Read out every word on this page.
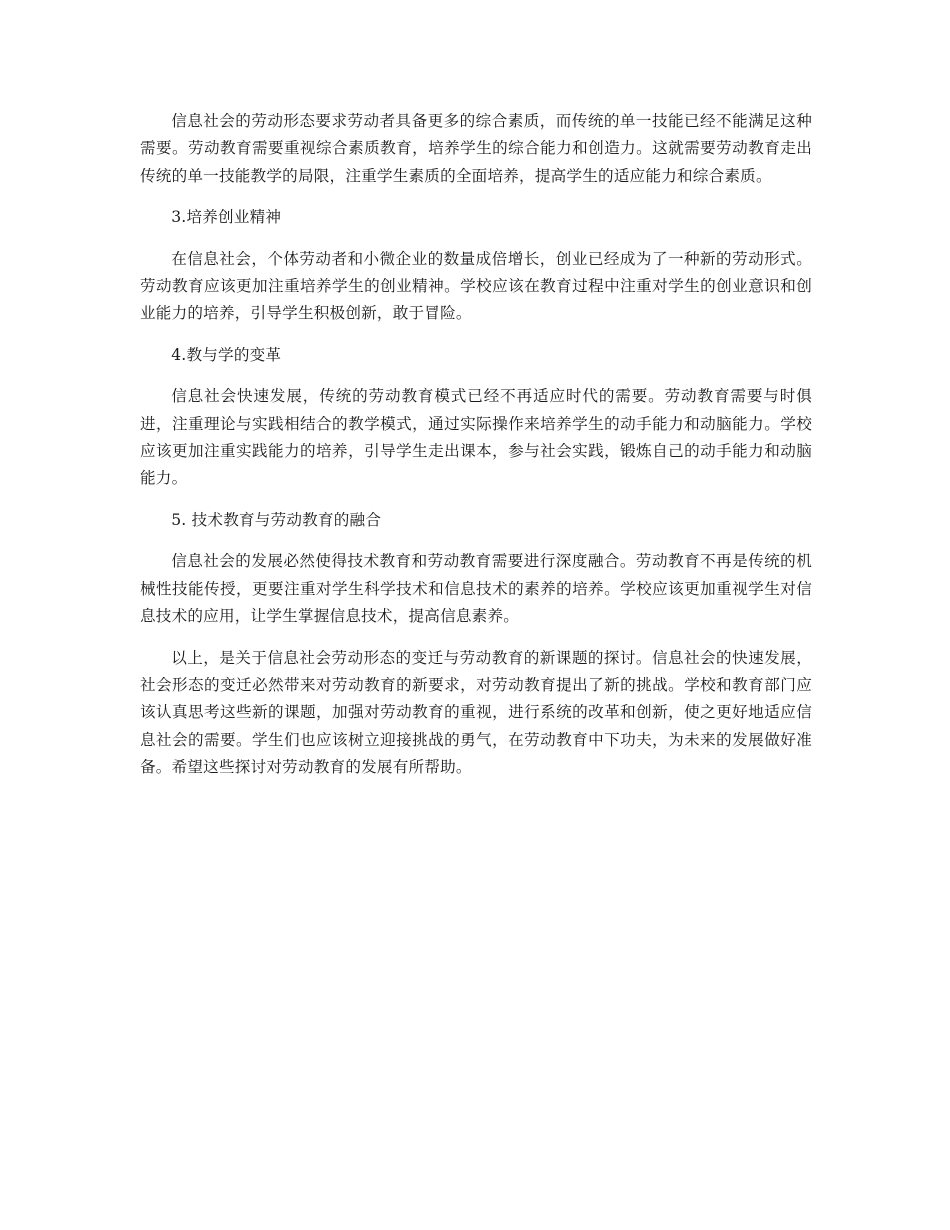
信息社会的劳动形态要求劳动者具备更多的综合素质，而传统的单一技能已经不能满足这种需要。劳动教育需要重视综合素质教育，培养学生的综合能力和创造力。这就需要劳动教育走出传统的单一技能教学的局限，注重学生素质的全面培养，提高学生的适应能力和综合素质。

3.培养创业精神

在信息社会，个体劳动者和小微企业的数量成倍增长，创业已经成为了一种新的劳动形式。劳动教育应该更加注重培养学生的创业精神。学校应该在教育过程中注重对学生的创业意识和创业能力的培养，引导学生积极创新，敢于冒险。

4.教与学的变革

信息社会快速发展，传统的劳动教育模式已经不再适应时代的需要。劳动教育需要与时俱进，注重理论与实践相结合的教学模式，通过实际操作来培养学生的动手能力和动脑能力。学校应该更加注重实践能力的培养，引导学生走出课本，参与社会实践，锻炼自己的动手能力和动脑能力。

5. 技术教育与劳动教育的融合

信息社会的发展必然使得技术教育和劳动教育需要进行深度融合。劳动教育不再是传统的机械性技能传授，更要注重对学生科学技术和信息技术的素养的培养。学校应该更加重视学生对信息技术的应用，让学生掌握信息技术，提高信息素养。

以上，是关于信息社会劳动形态的变迁与劳动教育的新课题的探讨。信息社会的快速发展，社会形态的变迁必然带来对劳动教育的新要求，对劳动教育提出了新的挑战。学校和教育部门应该认真思考这些新的课题，加强对劳动教育的重视，进行系统的改革和创新，使之更好地适应信息社会的需要。学生们也应该树立迎接挑战的勇气，在劳动教育中下功夫，为未来的发展做好准备。希望这些探讨对劳动教育的发展有所帮助。
